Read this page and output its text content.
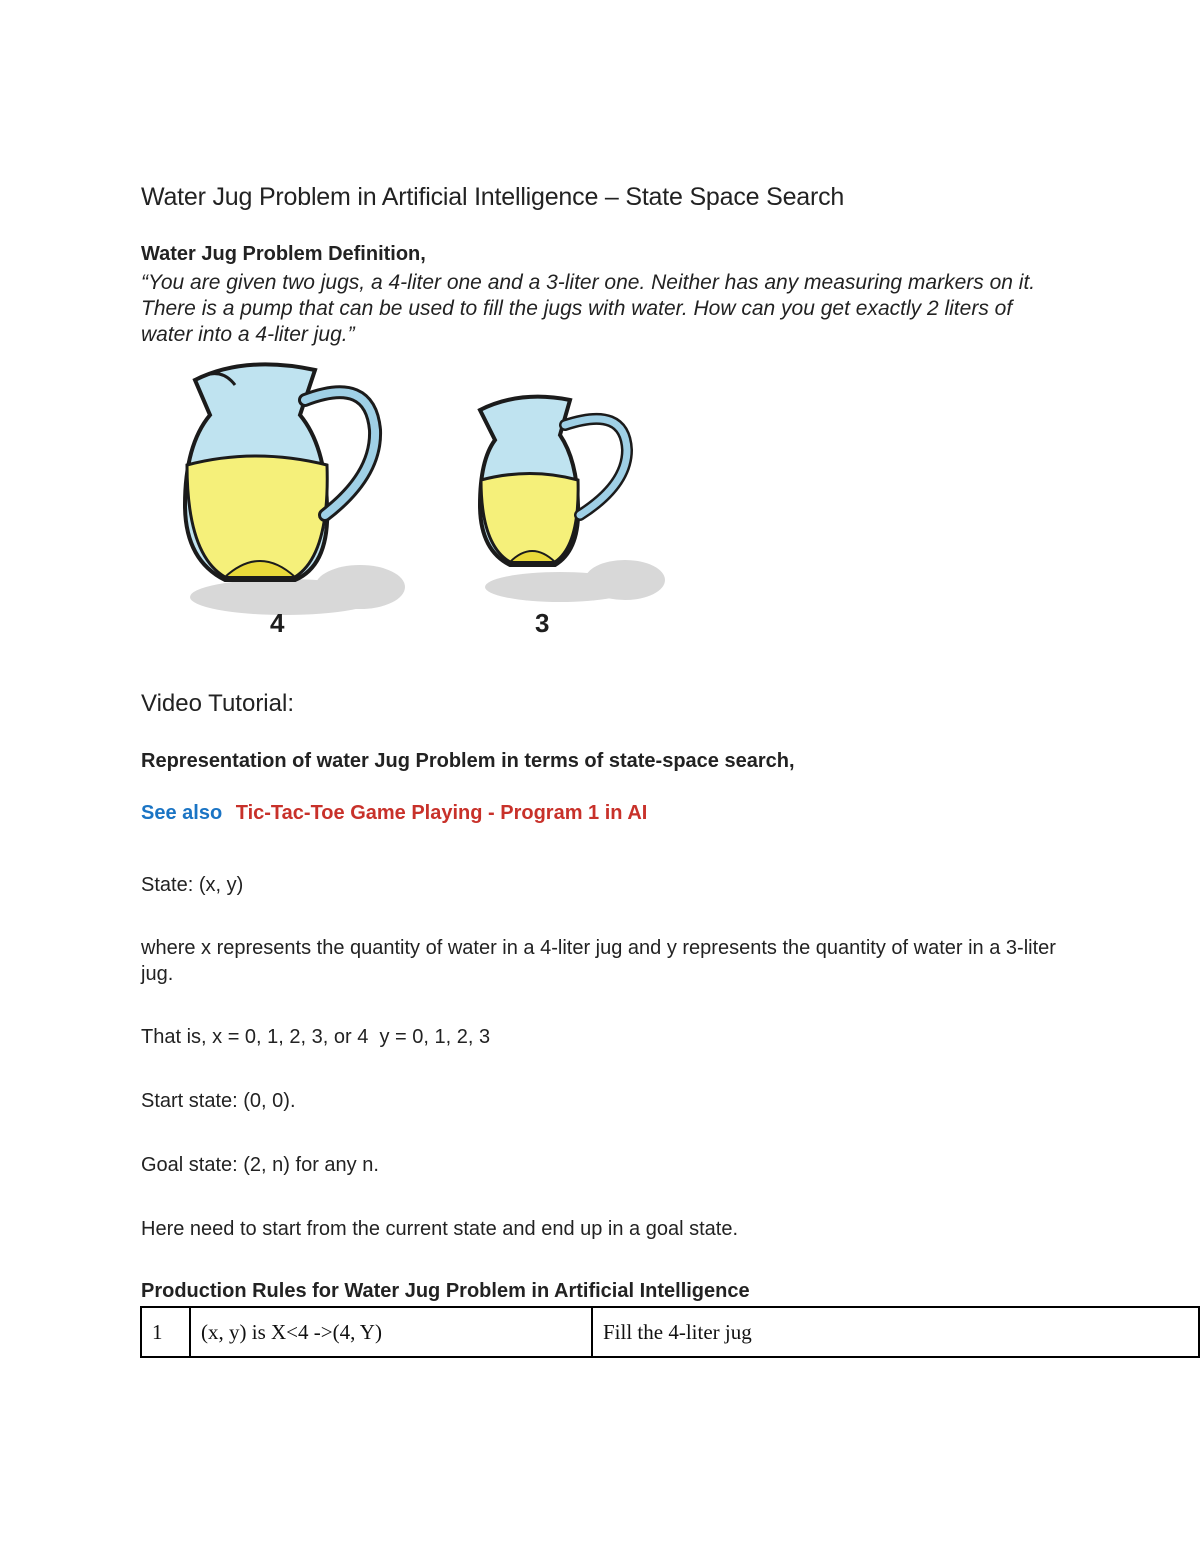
Water Jug Problem in Artificial Intelligence – State Space Search
Water Jug Problem Definition,
“You are given two jugs, a 4-liter one and a 3-liter one. Neither has any measuring markers on it. There is a pump that can be used to fill the jugs with water. How can you get exactly 2 liters of water into a 4-liter jug.”
4	3
Video Tutorial:
Representation of water Jug Problem in terms of state-space search,
See also Tic-Tac-Toe Game Playing - Program 1 in AI
State: (x, y)
where x represents the quantity of water in a 4-liter jug and y represents the quantity of water in a 3-liter jug.
That is, x = 0, 1, 2, 3, or 4  y = 0, 1, 2, 3
Start state: (0, 0).
Goal state: (2, n) for any n.
Here need to start from the current state and end up in a goal state.
Production Rules for Water Jug Problem in Artificial Intelligence
1	(x, y) is X<4 ->(4, Y)	Fill the 4-liter jug
